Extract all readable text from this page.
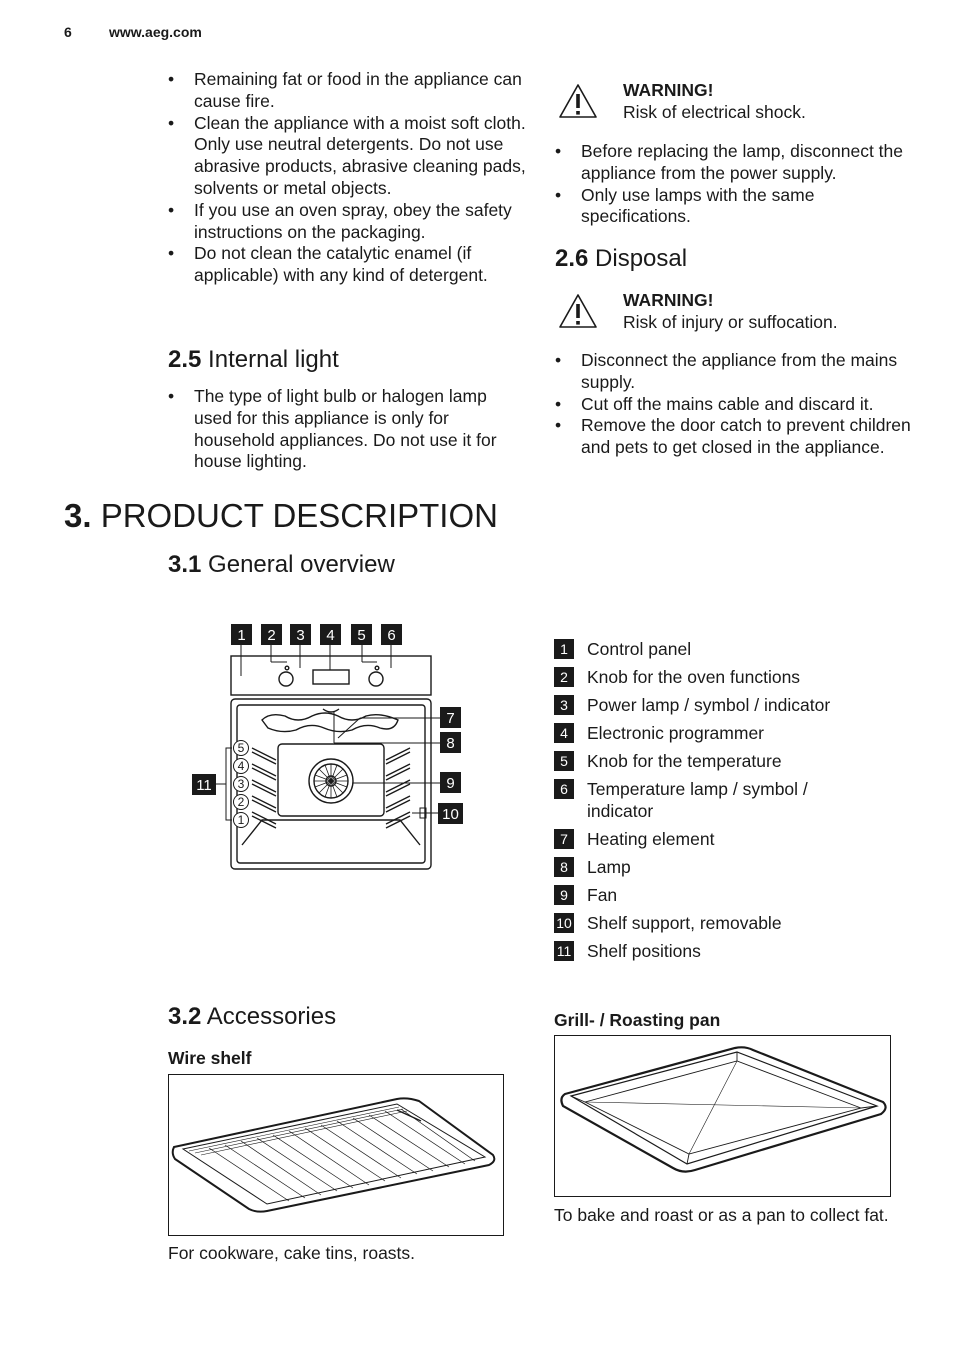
6	www.aeg.com
• Remaining fat or food in the appliance can cause fire.
• Clean the appliance with a moist soft cloth. Only use neutral detergents. Do not use abrasive products, abrasive cleaning pads, solvents or metal objects.
• If you use an oven spray, obey the safety instructions on the packaging.
• Do not clean the catalytic enamel (if applicable) with any kind of detergent.
2.5 Internal light
• The type of light bulb or halogen lamp used for this appliance is only for household appliances. Do not use it for house lighting.
WARNING!
Risk of electrical shock.
• Before replacing the lamp, disconnect the appliance from the power supply.
• Only use lamps with the same specifications.
2.6 Disposal
WARNING!
Risk of injury or suffocation.
• Disconnect the appliance from the mains supply.
• Cut off the mains cable and discard it.
• Remove the door catch to prevent children and pets to get closed in the appliance.
3. PRODUCT DESCRIPTION
3.1 General overview
5
4
3
2
1
1 2 3 4 5 6
7
8
9
10
11
1	Control panel
2	Knob for the oven functions
3	Power lamp / symbol / indicator
4	Electronic programmer
5	Knob for the temperature
6	Temperature lamp / symbol / indicator
7	Heating element
8	Lamp
9	Fan
10 Shelf support, removable
11 Shelf positions
3.2 Accessories
Wire shelf
For cookware, cake tins, roasts.
Grill- / Roasting pan
To bake and roast or as a pan to collect fat.
